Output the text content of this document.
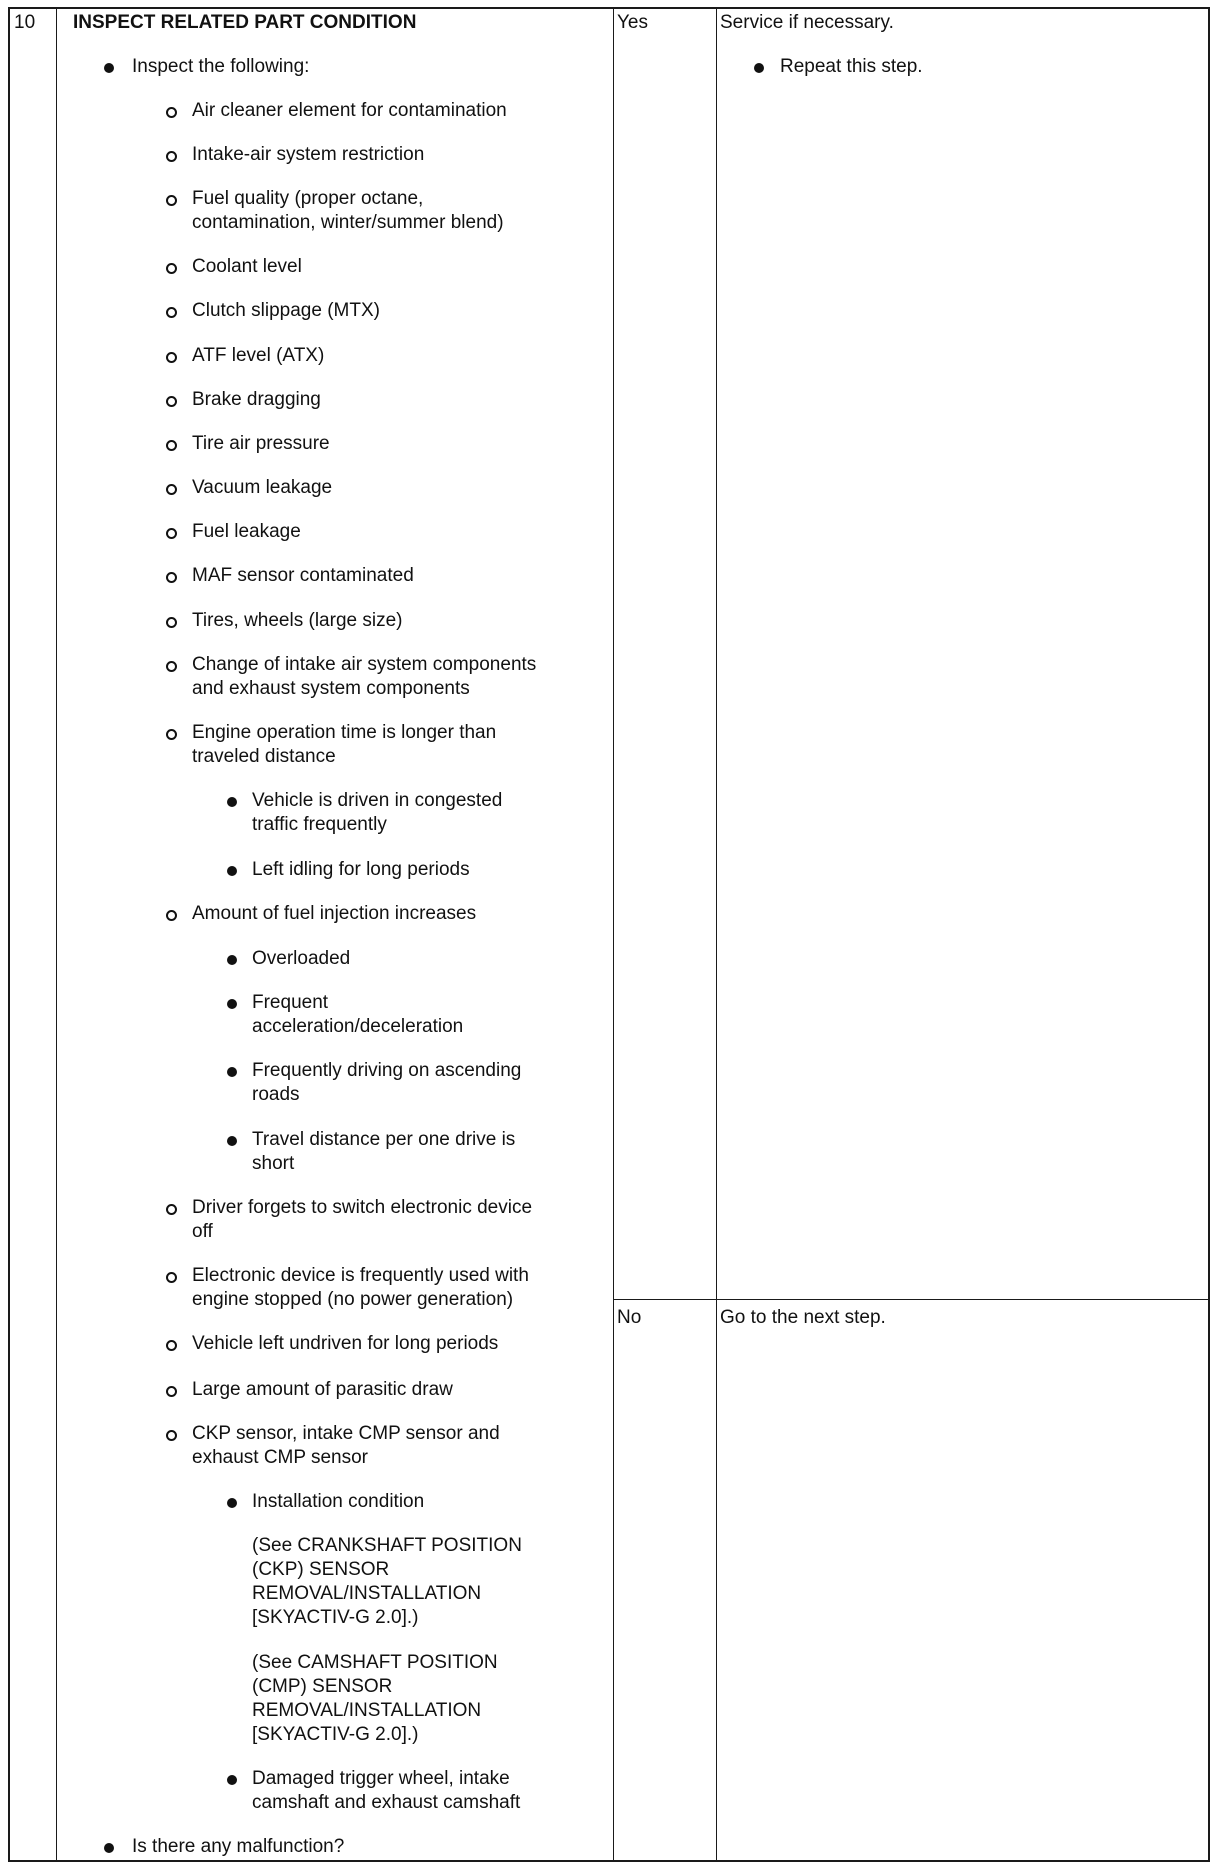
10 INSPECT RELATED PART CONDITION
Inspect the following:
Air cleaner element for contamination
Intake-air system restriction
Fuel quality (proper octane,
contamination, winter/summer blend)
Coolant level
Clutch slippage (MTX)
ATF level (ATX)
Brake dragging
Tire air pressure
Vacuum leakage
Fuel leakage
MAF sensor contaminated
Tires, wheels (large size)
Change of intake air system components
and exhaust system components
Engine operation time is longer than
traveled distance
Vehicle is driven in congested
traffic frequently
Left idling for long periods
Amount of fuel injection increases
Overloaded
Frequent
acceleration/deceleration
Frequently driving on ascending
roads
Travel distance per one drive is
short
Driver forgets to switch electronic device
off
Electronic device is frequently used with
engine stopped (no power generation)
Vehicle left undriven for long periods
Large amount of parasitic draw
CKP sensor, intake CMP sensor and
exhaust CMP sensor
Installation condition
(See CRANKSHAFT POSITION
(CKP) SENSOR
REMOVAL/INSTALLATION
[SKYACTIV-G 2.0].)
(See CAMSHAFT POSITION
(CMP) SENSOR
REMOVAL/INSTALLATION
[SKYACTIV-G 2.0].)
Damaged trigger wheel, intake
camshaft and exhaust camshaft
Is there any malfunction?
Yes
No
Service if necessary.
Repeat this step.
Go to the next step.
